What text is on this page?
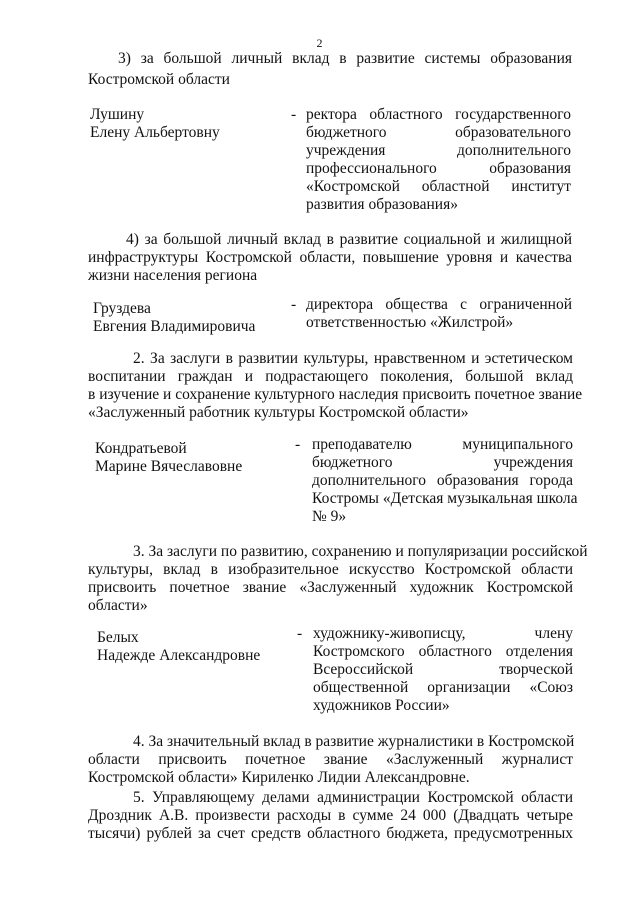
2
3) за большой личный вклад в развитие системы образования
Костромской области
Лушину
Елену Альбертовну
- ректора областного государственного
бюджетного образовательного
учреждения дополнительного
профессионального образования
«Костромской областной институт
развития образования»
4) за большой личный вклад в развитие социальной и жилищной
инфраструктуры Костромской области, повышение уровня и качества
жизни населения региона
Груздева
Евгения Владимировича
- директора общества с ограниченной
ответственностью «Жилстрой»
2. За заслуги в развитии культуры, нравственном и эстетическом
воспитании граждан и подрастающего поколения, большой вклад
в изучение и сохранение культурного наследия присвоить почетное звание
«Заслуженный работник культуры Костромской области»
Кондратьевой
Марине Вячеславовне
- преподавателю муниципального
бюджетного учреждения
дополнительного образования города
Костромы «Детская музыкальная школа
№ 9»
3. За заслуги по развитию, сохранению и популяризации российской
культуры, вклад в изобразительное искусство Костромской области
присвоить почетное звание «Заслуженный художник Костромской
области»
Белых
Надежде Александровне
- художнику-живописцу, члену
Костромского областного отделения
Всероссийской творческой
общественной организации «Союз
художников России»
4. За значительный вклад в развитие журналистики в Костромской
области присвоить почетное звание «Заслуженный журналист
Костромской области» Кириленко Лидии Александровне.
5. Управляющему делами администрации Костромской области
Дроздник А.В. произвести расходы в сумме 24 000 (Двадцать четыре
тысячи) рублей за счет средств областного бюджета, предусмотренных
